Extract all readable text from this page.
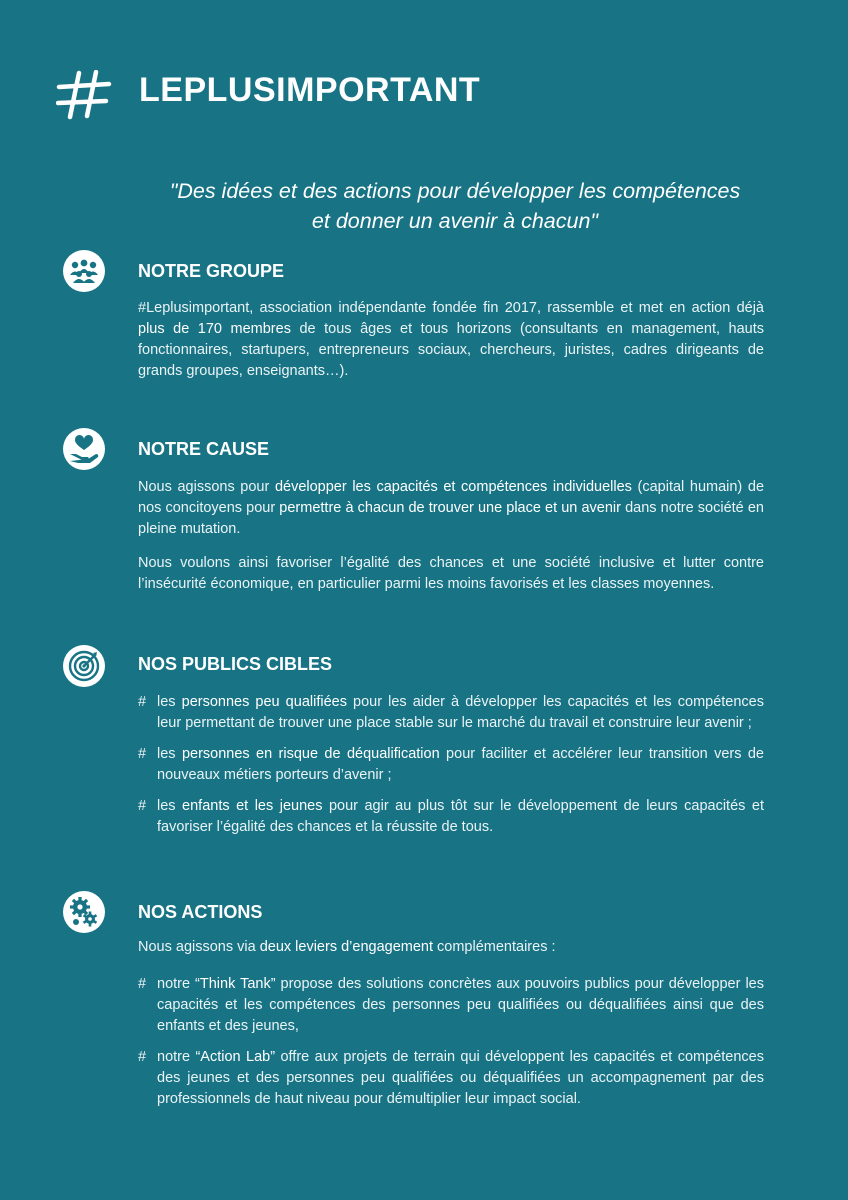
LEPLUSIMPORTANT
"Des idées et des actions pour développer les compétences
et donner un avenir à chacun"
NOTRE GROUPE
#Leplusimportant, association indépendante fondée fin 2017, rassemble et met en action déjà plus de 170 membres de tous âges et tous horizons (consultants en management, hauts fonctionnaires, startupers, entrepreneurs sociaux, chercheurs, juristes, cadres dirigeants de grands groupes, enseignants…).
NOTRE CAUSE
Nous agissons pour développer les capacités et compétences individuelles (capital humain) de nos concitoyens pour permettre à chacun de trouver une place et un avenir dans notre société en pleine mutation.
Nous voulons ainsi favoriser l’égalité des chances et une société inclusive et lutter contre l’insécurité économique, en particulier parmi les moins favorisés et les classes moyennes.
NOS PUBLICS CIBLES
# les personnes peu qualifiées pour les aider à développer les capacités et les compétences leur permettant de trouver une place stable sur le marché du travail et construire leur avenir ;
# les personnes en risque de déqualification pour faciliter et accélérer leur transition vers de nouveaux métiers porteurs d’avenir ;
# les enfants et les jeunes pour agir au plus tôt sur le développement de leurs capacités et favoriser l’égalité des chances et la réussite de tous.
NOS ACTIONS
Nous agissons via deux leviers d’engagement complémentaires :
# notre “Think Tank” propose des solutions concrètes aux pouvoirs publics pour développer les capacités et les compétences des personnes peu qualifiées ou déqualifiées ainsi que des enfants et des jeunes,
# notre “Action Lab” offre aux projets de terrain qui développent les capacités et compétences des jeunes et des personnes peu qualifiées ou déqualifiées un accompagnement par des professionnels de haut niveau pour démultiplier leur impact social.
